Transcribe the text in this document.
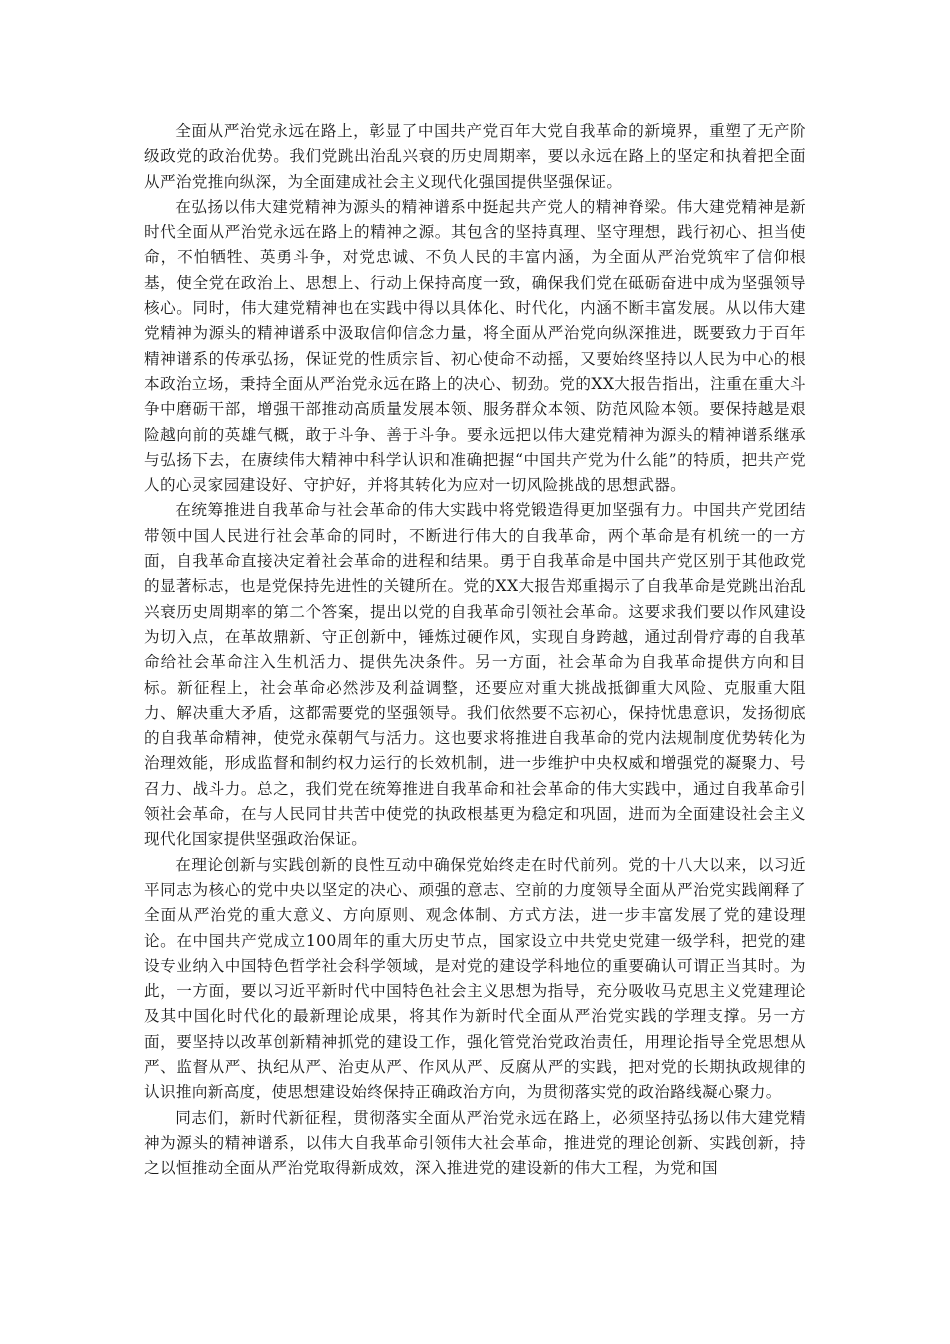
全面从严治党永远在路上，彰显了中国共产党百年大党自我革命的新境界，重塑了无产阶级政党的政治优势。我们党跳出治乱兴衰的历史周期率，要以永远在路上的坚定和执着把全面从严治党推向纵深，为全面建成社会主义现代化强国提供坚强保证。

在弘扬以伟大建党精神为源头的精神谱系中挺起共产党人的精神脊梁。伟大建党精神是新时代全面从严治党永远在路上的精神之源。其包含的坚持真理、坚守理想，践行初心、担当使命，不怕牺牲、英勇斗争，对党忠诚、不负人民的丰富内涵，为全面从严治党筑牢了信仰根基，使全党在政治上、思想上、行动上保持高度一致，确保我们党在砥砺奋进中成为坚强领导核心。同时，伟大建党精神也在实践中得以具体化、时代化，内涵不断丰富发展。从以伟大建党精神为源头的精神谱系中汲取信仰信念力量，将全面从严治党向纵深推进，既要致力于百年精神谱系的传承弘扬，保证党的性质宗旨、初心使命不动摇，又要始终坚持以人民为中心的根本政治立场，秉持全面从严治党永远在路上的决心、韧劲。党的XX大报告指出，注重在重大斗争中磨砺干部，增强干部推动高质量发展本领、服务群众本领、防范风险本领。要保持越是艰险越向前的英雄气概，敢于斗争、善于斗争。要永远把以伟大建党精神为源头的精神谱系继承与弘扬下去，在赓续伟大精神中科学认识和准确把握“中国共产党为什么能”的特质，把共产党人的心灵家园建设好、守护好，并将其转化为应对一切风险挑战的思想武器。

在统筹推进自我革命与社会革命的伟大实践中将党锻造得更加坚强有力。中国共产党团结带领中国人民进行社会革命的同时，不断进行伟大的自我革命，两个革命是有机统一的一方面，自我革命直接决定着社会革命的进程和结果。勇于自我革命是中国共产党区别于其他政党的显著标志，也是党保持先进性的关键所在。党的XX大报告郑重揭示了自我革命是党跳出治乱兴衰历史周期率的第二个答案，提出以党的自我革命引领社会革命。这要求我们要以作风建设为切入点，在革故鼎新、守正创新中，锤炼过硬作风，实现自身跨越，通过刮骨疗毒的自我革命给社会革命注入生机活力、提供先决条件。另一方面，社会革命为自我革命提供方向和目标。新征程上，社会革命必然涉及利益调整，还要应对重大挑战抵御重大风险、克服重大阻力、解决重大矛盾，这都需要党的坚强领导。我们依然要不忘初心，保持忧患意识，发扬彻底的自我革命精神，使党永葆朝气与活力。这也要求将推进自我革命的党内法规制度优势转化为治理效能，形成监督和制约权力运行的长效机制，进一步维护中央权威和增强党的凝聚力、号召力、战斗力。总之，我们党在统筹推进自我革命和社会革命的伟大实践中，通过自我革命引领社会革命，在与人民同甘共苦中使党的执政根基更为稳定和巩固，进而为全面建设社会主义现代化国家提供坚强政治保证。

在理论创新与实践创新的良性互动中确保党始终走在时代前列。党的十八大以来，以习近平同志为核心的党中央以坚定的决心、顽强的意志、空前的力度领导全面从严治党实践阐释了全面从严治党的重大意义、方向原则、观念体制、方式方法，进一步丰富发展了党的建设理论。在中国共产党成立100周年的重大历史节点，国家设立中共党史党建一级学科，把党的建设专业纳入中国特色哲学社会科学领域，是对党的建设学科地位的重要确认可谓正当其时。为此，一方面，要以习近平新时代中国特色社会主义思想为指导，充分吸收马克思主义党建理论及其中国化时代化的最新理论成果，将其作为新时代全面从严治党实践的学理支撑。另一方面，要坚持以改革创新精神抓党的建设工作，强化管党治党政治责任，用理论指导全党思想从严、监督从严、执纪从严、治吏从严、作风从严、反腐从严的实践，把对党的长期执政规律的认识推向新高度，使思想建设始终保持正确政治方向，为贯彻落实党的政治路线凝心聚力。

同志们，新时代新征程，贯彻落实全面从严治党永远在路上，必须坚持弘扬以伟大建党精神为源头的精神谱系，以伟大自我革命引领伟大社会革命，推进党的理论创新、实践创新，持之以恒推动全面从严治党取得新成效，深入推进党的建设新的伟大工程，为党和国
